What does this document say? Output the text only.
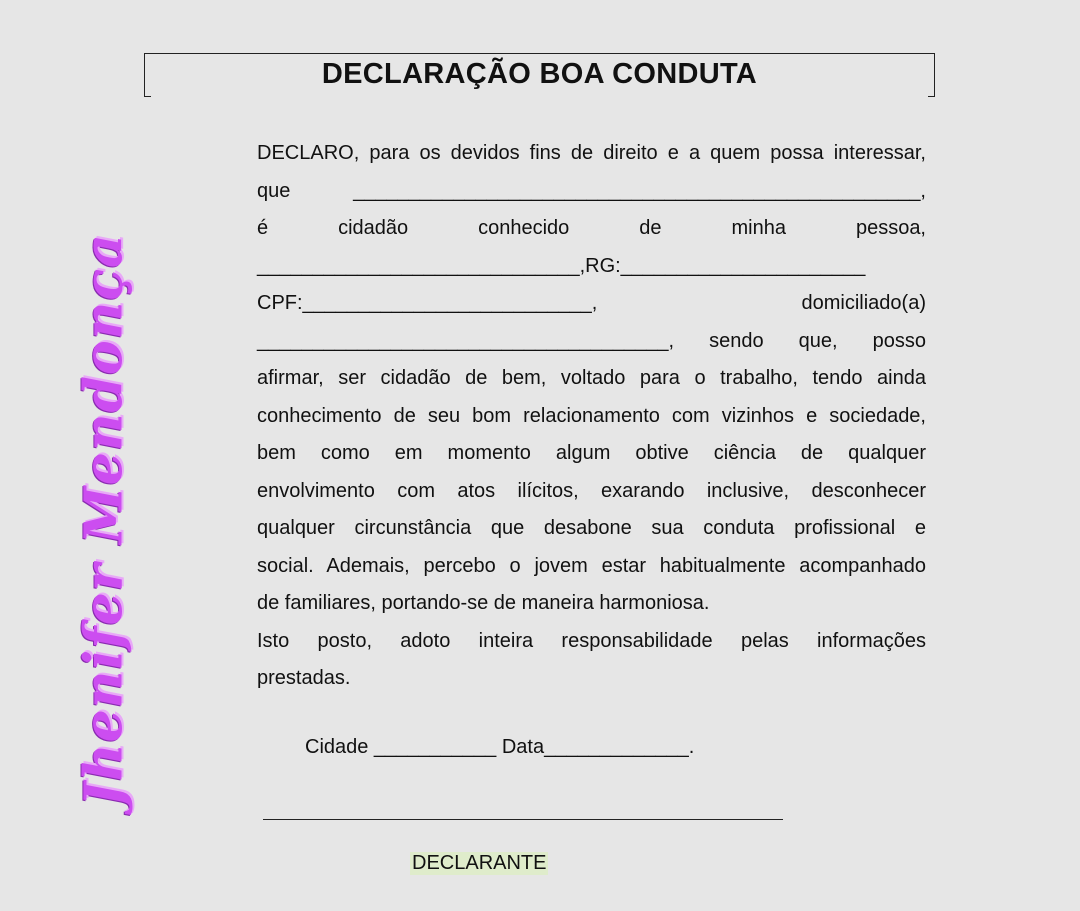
DECLARAÇÃO BOA CONDUTA
DECLARO, para os devidos fins de direito e a quem possa interessar,
que ___________________________________________________,
é cidadão conhecido de minha pessoa,
_____________________________,RG:______________________
CPF:__________________________, domiciliado(a)
_____________________________________, sendo que, posso
afirmar, ser cidadão de bem, voltado para o trabalho, tendo ainda
conhecimento de seu bom relacionamento com vizinhos e sociedade,
bem como em momento algum obtive ciência de qualquer
envolvimento com atos ilícitos, exarando inclusive, desconhecer
qualquer circunstância que desabone sua conduta profissional e
social. Ademais, percebo o jovem estar habitualmente acompanhado
de familiares, portando-se de maneira harmoniosa.
Isto posto, adoto inteira responsabilidade pelas informações
prestadas.
Cidade ___________ Data_____________.
DECLARANTE
Jhenifer Mendonça
